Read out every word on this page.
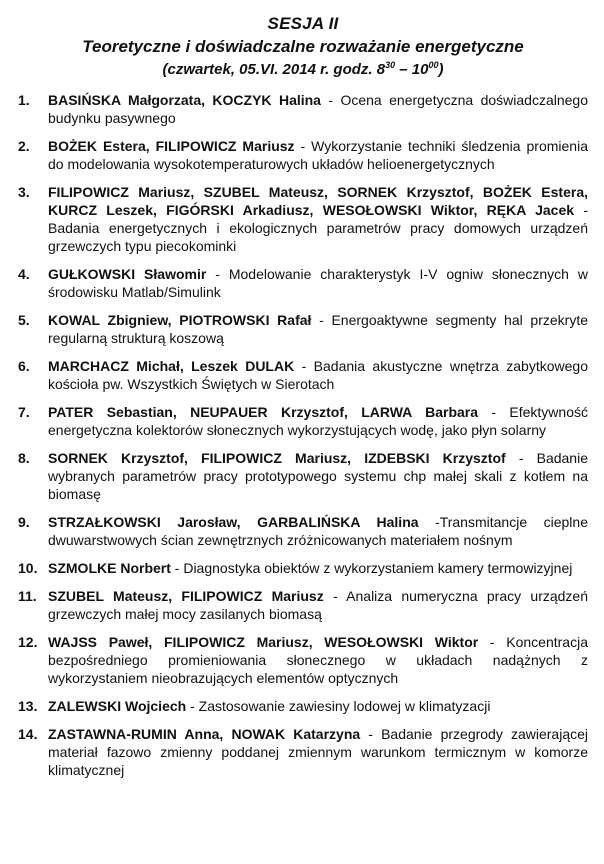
SESJA II
Teoretyczne i doświadczalne rozważanie energetyczne
(czwartek, 05.VI. 2014 r. godz. $8^{30} - 10^{00}$)
1.	BASIŃSKA Małgorzata, KOCZYK Halina - Ocena energetyczna doświadczalnego budynku pasywnego
2.	BOŻEK Estera, FILIPOWICZ Mariusz - Wykorzystanie techniki śledzenia promienia do modelowania wysokotemperaturowych układów helioenergetycznych
3.	FILIPOWICZ Mariusz, SZUBEL Mateusz, SORNEK Krzysztof, BOŻEK Estera, KURCZ Leszek, FIGÓRSKI Arkadiusz, WESOŁOWSKI Wiktor, RĘKA Jacek - Badania energetycznych i ekologicznych parametrów pracy domowych urządzeń grzewczych typu piecokominki
4.	GUŁKOWSKI Sławomir - Modelowanie charakterystyk I-V ogniw słonecznych w środowisku Matlab/Simulink
5.	KOWAL Zbigniew, PIOTROWSKI Rafał - Energoaktywne segmenty hal przekryte regularną strukturą koszową
6.	MARCHACZ Michał, Leszek DULAK - Badania akustyczne wnętrza zabytkowego kościoła pw. Wszystkich Świętych w Sierotach
7.	PATER Sebastian, NEUPAUER Krzysztof, LARWA Barbara - Efektywność energetyczna kolektorów słonecznych wykorzystujących wodę, jako płyn solarny
8.	SORNEK Krzysztof, FILIPOWICZ Mariusz, IZDEBSKI Krzysztof - Badanie wybranych parametrów pracy prototypowego systemu chp małej skali z kotłem na biomasę
9.	STRZAŁKOWSKI Jarosław, GARBALIŃSKA Halina -Transmitancje cieplne dwuwarstwowych ścian zewnętrznych zróżnicowanych materiałem nośnym
10. SZMOLKE Norbert - Diagnostyka obiektów z wykorzystaniem kamery termowizyjnej
11. SZUBEL Mateusz, FILIPOWICZ Mariusz - Analiza numeryczna pracy urządzeń grzewczych małej mocy zasilanych biomasą
12. WAJSS Paweł, FILIPOWICZ Mariusz, WESOŁOWSKI Wiktor - Koncentracja bezpośredniego promieniowania słonecznego w układach nadążnych z wykorzystaniem nieobrazujących elementów optycznych
13. ZALEWSKI Wojciech - Zastosowanie zawiesiny lodowej w klimatyzacji
14. ZASTAWNA-RUMIN Anna, NOWAK Katarzyna - Badanie przegrody zawierającej materiał fazowo zmienny poddanej zmiennym warunkom termicznym w komorze klimatycznej
